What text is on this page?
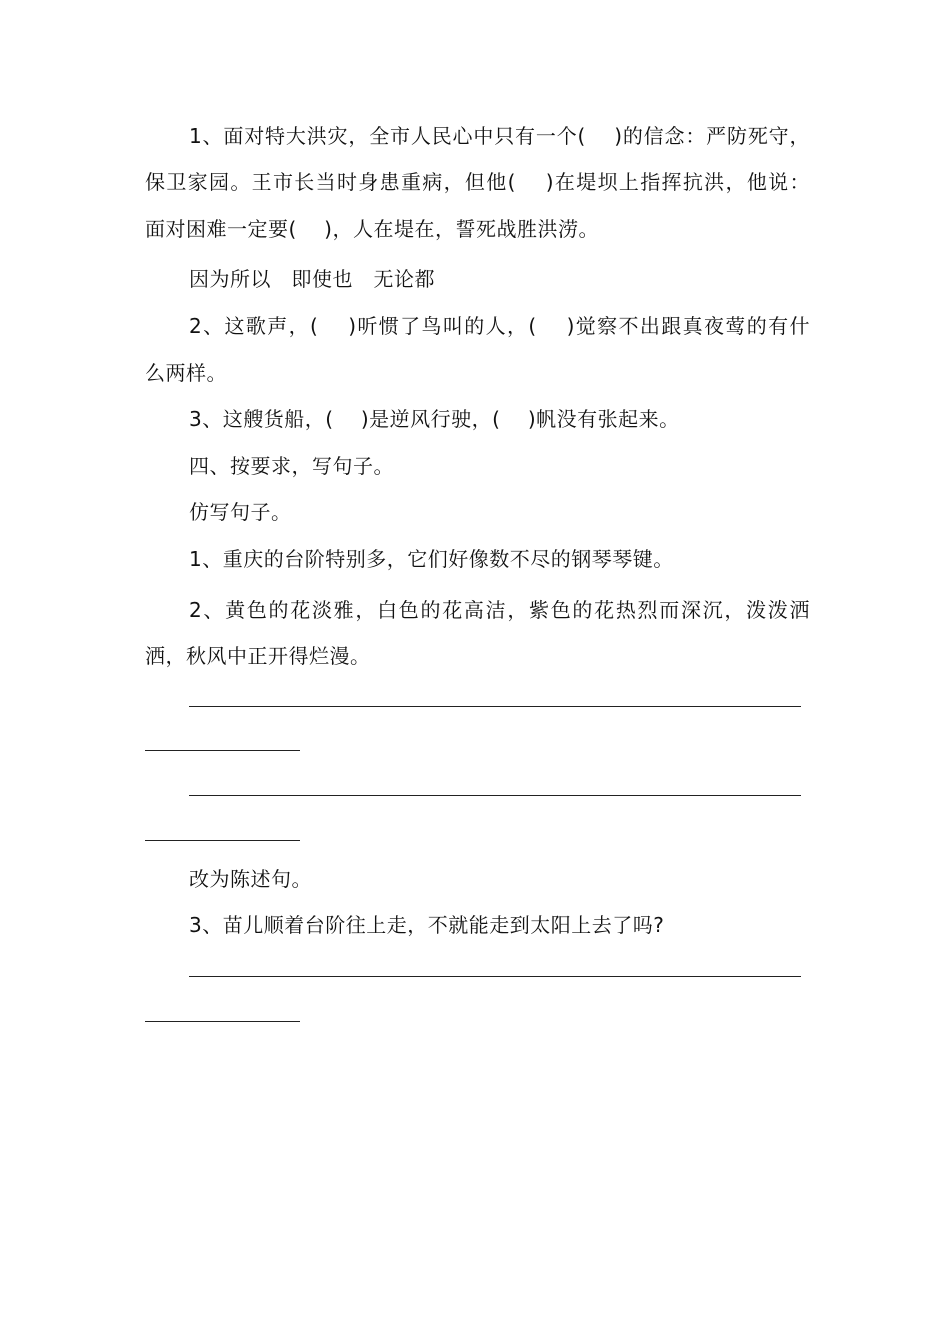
1、面对特大洪灾，全市人民心中只有一个(　 )的信念：严防死守，
保卫家园。王市长当时身患重病，但他(　 )在堤坝上指挥抗洪，他说：
面对困难一定要(　 )，人在堤在，誓死战胜洪涝。
因为所以　即使也　无论都
2、这歌声，(　 )听惯了鸟叫的人，(　 )觉察不出跟真夜莺的有什
么两样。
3、这艘货船，(　 )是逆风行驶，(　 )帆没有张起来。
四、按要求，写句子。
仿写句子。
1、重庆的台阶特别多，它们好像数不尽的钢琴琴键。
2、黄色的花淡雅，白色的花高洁，紫色的花热烈而深沉，泼泼洒
洒，秋风中正开得烂漫。
改为陈述句。
3、苗儿顺着台阶往上走，不就能走到太阳上去了吗?
